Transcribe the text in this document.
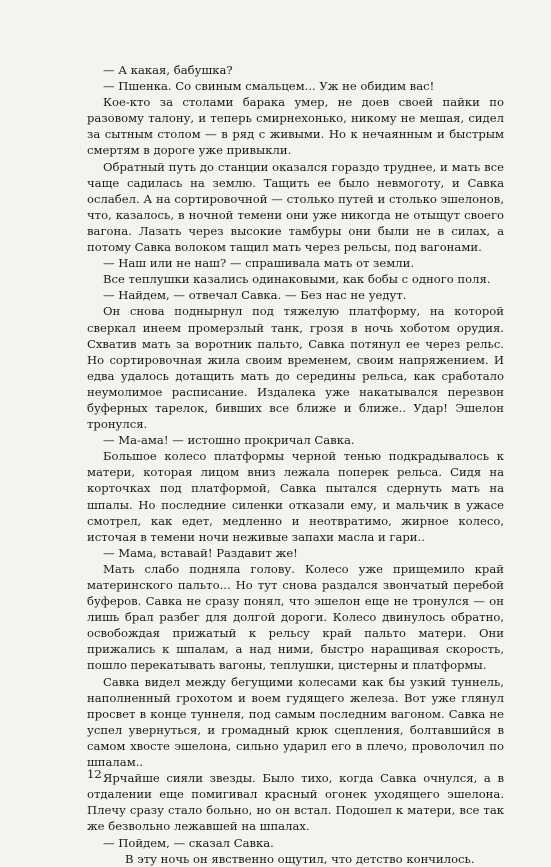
— А какая, бабушка?

— Пшенка. Со свиным смальцем... Уж не обидим вас!

Кое-кто за столами барака умер, не доев своей пайки по разовому талону, и теперь смирнехонько, никому не мешая, сидел за сытным столом — в ряд с живыми. Но к нечаянным и быстрым смертям в дороге уже привыкли.

Обратный путь до станции оказался гораздо труднее, и мать все чаще садилась на землю. Тащить ее было невмоготу, и Савка ослабел. А на сортировочной — столько путей и столько эшелонов, что, казалось, в ночной темени они уже никогда не отыщут своего вагона. Лазать через высокие тамбуры они были не в силах, а потому Савка волоком тащил мать через рельсы, под вагонами.

— Наш или не наш? — спрашивала мать от земли.

Все теплушки казались одинаковыми, как бобы с одного поля.

— Найдем, — отвечал Савка. — Без нас не уедут.

Он снова поднырнул под тяжелую платформу, на которой сверкал инеем промерзлый танк, грозя в ночь хоботом орудия. Схватив мать за воротник пальто, Савка потянул ее через рельс. Но сортировочная жила своим временем, своим напряжением. И едва удалось дотащить мать до середины рельса, как сработало неумолимое расписание. Издалека уже накатывался перезвон буферных тарелок, бивших все ближе и ближе.. Удар! Эшелон тронулся.

— Ма-ама! — истошно прокричал Савка.

Большое колесо платформы черной тенью подкрадывалось к матери, которая лицом вниз лежала поперек рельса. Сидя на корточках под платформой, Савка пытался сдернуть мать на шпалы. Но последние силенки отказали ему, и мальчик в ужасе смотрел, как едет, медленно и неотвратимо, жирное колесо, источая в темени ночи неживые запахи масла и гари..

— Мама, вставай! Раздавит же!

Мать слабо подняла голову. Колесо уже прищемило край материнского пальто... Но тут снова раздался звончатый перебой буферов. Савка не сразу понял, что эшелон еще не тронулся — он лишь брал разбег для долгой дороги. Колесо двинулось обратно, освобождая прижатый к рельсу край пальто матери. Они прижались к шпалам, а над ними, быстро наращивая скорость, пошло перекатывать вагоны, теплушки, цистерны и платформы.

Савка видел между бегущими колесами как бы узкий туннель, наполненный грохотом и воем гудящего железа. Вот уже глянул просвет в конце туннеля, под самым последним вагоном. Савка не успел увернуться, и громадный крюк сцепления, болтавшийся в самом хвосте эшелона, сильно ударил его в плечо, проволочил по шпалам..

Ярчайше сияли звезды. Было тихо, когда Савка очнулся, а в отдалении еще помигивал красный огонек уходящего эшелона. Плечу сразу стало больно, но он встал. Подошел к матери, все так же безвольно лежавшей на шпалах.

— Пойдем, — сказал Савка.

В эту ночь он явственно ощутил, что детство кончилось.

12
